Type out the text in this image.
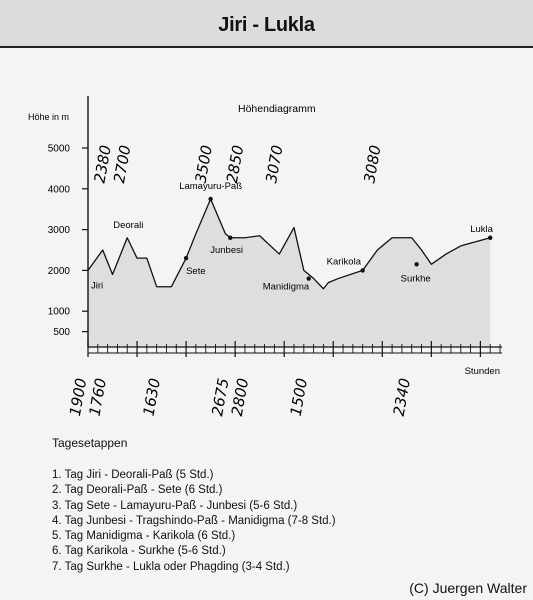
Jiri - Lukla
500
1000
2000
3000
4000
5000
Höhe in m
Höhendiagramm
Stunden
Jiri
Deorali
Sete
Lamayuru-Paß
Junbesi
Manidigma
Karikola
Surkhe
Lukla
2380
2700	3500 2850 3070	3080
1900
1760 1630	2675
2800 1500	2340
Tagesetappen
1. Tag Jiri - Deorali-Paß (5 Std.)
2. Tag Deorali-Paß - Sete (6 Std.)
3. Tag Sete - Lamayuru-Paß - Junbesi (5-6 Std.)
4. Tag Junbesi - Tragshindo-Paß - Manidigma (7-8 Std.)
5. Tag Manidigma - Karikola (6 Std.)
6. Tag Karikola - Surkhe (5-6 Std.)
7. Tag Surkhe - Lukla oder Phagding (3-4 Std.)
(C) Juergen Walter
